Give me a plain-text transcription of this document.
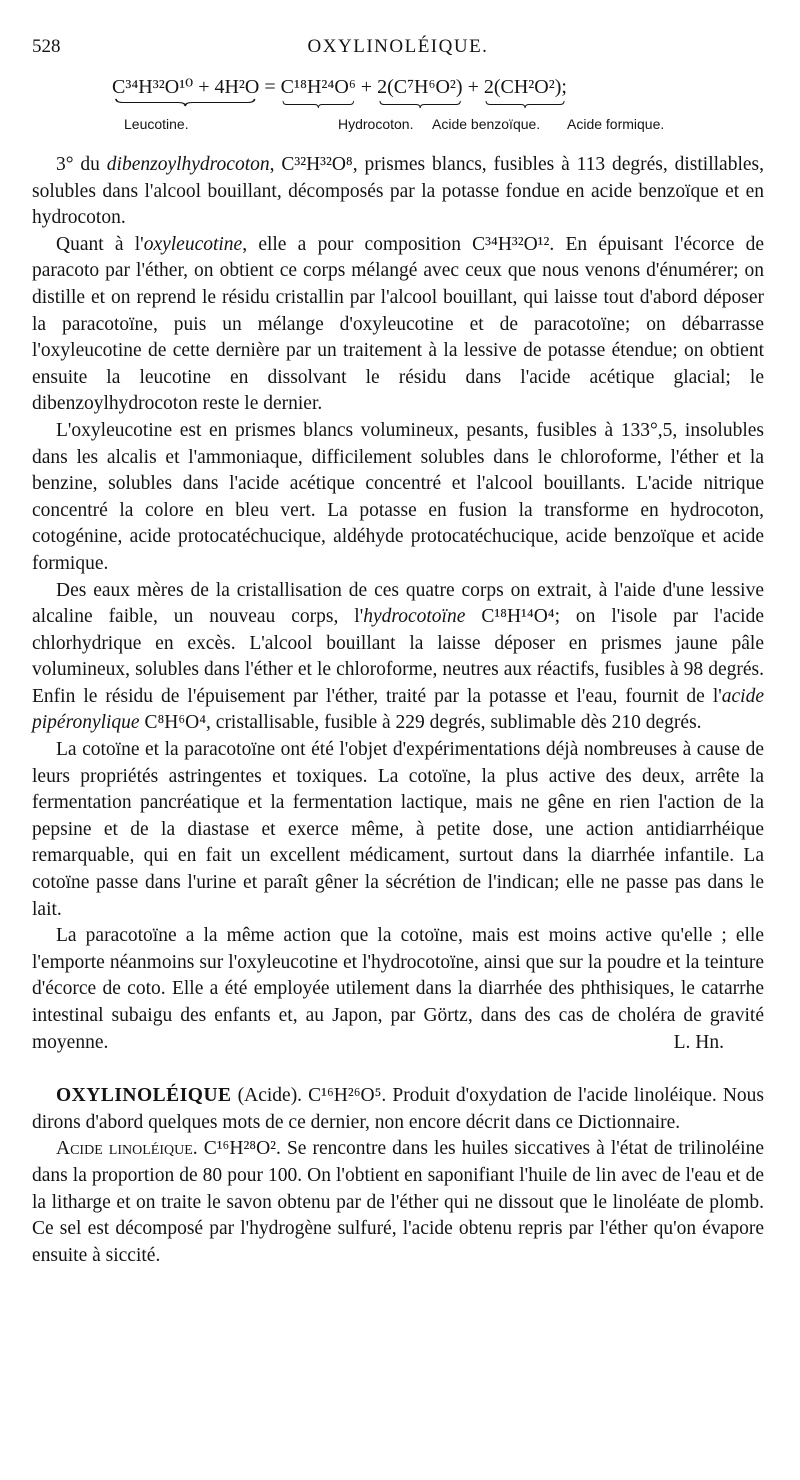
528	OXYLINOLÉIQUE.
C³⁴H³²O¹⁰ + 4H²O = C¹⁸H²⁴O⁶ + 2(C⁷H⁶O²) + 2(CH²O²);
Leucotine.	Hydrocoton. Acide benzoïque. Acide formique.

3° du dibenzoylhydrocoton, C³²H³²O⁸, prismes blancs, fusibles à 113 degrés, distillables, solubles dans l'alcool bouillant, décomposés par la potasse fondue en acide benzoïque et en hydrocoton.

Quant à l'oxyleucotine, elle a pour composition C³⁴H³²O¹². En épuisant l'écorce de paracoto par l'éther, on obtient ce corps mélangé avec ceux que nous venons d'énumérer; on distille et on reprend le résidu cristallin par l'alcool bouillant, qui laisse tout d'abord déposer la paracotoïne, puis un mélange d'oxyleucotine et de paracotoïne; on débarrasse l'oxyleucotine de cette dernière par un traitement à la lessive de potasse étendue; on obtient ensuite la leucotine en dissolvant le résidu dans l'acide acétique glacial; le dibenzoylhydrocoton reste le dernier.

L'oxyleucotine est en prismes blancs volumineux, pesants, fusibles à 133°,5, insolubles dans les alcalis et l'ammoniaque, difficilement solubles dans le chloroforme, l'éther et la benzine, solubles dans l'acide acétique concentré et l'alcool bouillants. L'acide nitrique concentré la colore en bleu vert. La potasse en fusion la transforme en hydrocoton, cotogénine, acide protocatéchucique, aldéhyde protocatéchucique, acide benzoïque et acide formique.

Des eaux mères de la cristallisation de ces quatre corps on extrait, à l'aide d'une lessive alcaline faible, un nouveau corps, l'hydrocotoïne C¹⁸H¹⁴O⁴; on l'isole par l'acide chlorhydrique en excès. L'alcool bouillant la laisse déposer en prismes jaune pâle volumineux, solubles dans l'éther et le chloroforme, neutres aux réactifs, fusibles à 98 degrés. Enfin le résidu de l'épuisement par l'éther, traité par la potasse et l'eau, fournit de l'acide pipéronylique C⁸H⁶O⁴, cristallisable, fusible à 229 degrés, sublimable dès 210 degrés.

La cotoïne et la paracotoïne ont été l'objet d'expérimentations déjà nombreuses à cause de leurs propriétés astringentes et toxiques. La cotoïne, la plus active des deux, arrête la fermentation pancréatique et la fermentation lactique, mais ne gêne en rien l'action de la pepsine et de la diastase et exerce même, à petite dose, une action antidiarrhéique remarquable, qui en fait un excellent médicament, surtout dans la diarrhée infantile. La cotoïne passe dans l'urine et paraît gêner la sécrétion de l'indican; elle ne passe pas dans le lait.

La paracotoïne a la même action que la cotoïne, mais est moins active qu'elle ; elle l'emporte néanmoins sur l'oxyleucotine et l'hydrocotoïne, ainsi que sur la poudre et la teinture d'écorce de coto. Elle a été employée utilement dans la diarrhée des phthisiques, le catarrhe intestinal subaigu des enfants et, au Japon, par Görtz, dans des cas de choléra de gravité moyenne.	L. Hn.

OXYLINOLÉIQUE (Acide). C¹⁶H²⁶O⁵. Produit d'oxydation de l'acide linoléique. Nous dirons d'abord quelques mots de ce dernier, non encore décrit dans ce Dictionnaire.

Acide linoléique. C¹⁶H²⁸O². Se rencontre dans les huiles siccatives à l'état de trilinoléine dans la proportion de 80 pour 100. On l'obtient en saponifiant l'huile de lin avec de l'eau et de la litharge et on traite le savon obtenu par de l'éther qui ne dissout que le linoléate de plomb. Ce sel est décomposé par l'hydrogène sulfuré, l'acide obtenu repris par l'éther qu'on évapore ensuite à siccité.
